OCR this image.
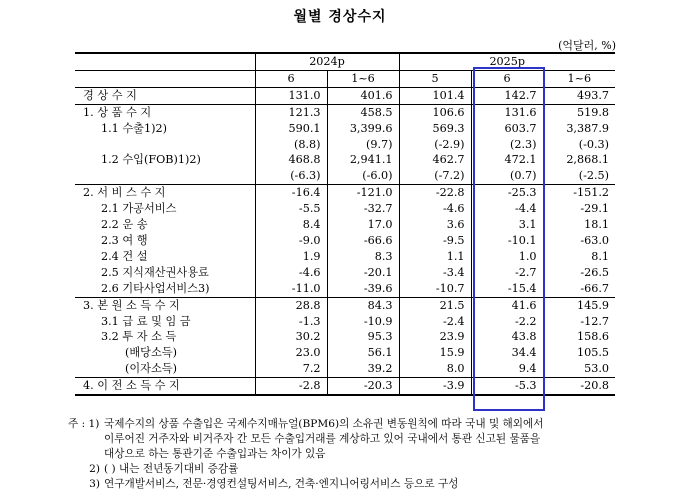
월별 경상수지
(억달러, %)
	2024p		2025p		
	6	1~6	5	6	1~6
경 상 수 지	131.0	401.6	101.4	142.7	493.7
1. 상 품 수 지	121.3	458.5	106.6	131.6	519.8
1.1 수출1)2)	590.1	3,399.6	569.3	603.7	3,387.9
	(8.8)	(9.7)	(-2.9)	(2.3)	(-0.3)
1.2 수입(FOB)1)2)	468.8	2,941.1	462.7	472.1	2,868.1
	(-6.3)	(-6.0)	(-7.2)	(0.7)	(-2.5)
2. 서 비 스 수 지	-16.4	-121.0	-22.8	-25.3	-151.2
2.1 가공서비스	-5.5	-32.7	-4.6	-4.4	-29.1
2.2 운 송	8.4	17.0	3.6	3.1	18.1
2.3 여 행	-9.0	-66.6	-9.5	-10.1	-63.0
2.4 건 설	1.9	8.3	1.1	1.0	8.1
2.5 지식재산권사용료	-4.6	-20.1	-3.4	-2.7	-26.5
2.6 기타사업서비스3)	-11.0	-39.6	-10.7	-15.4	-66.7
3. 본 원 소 득 수 지	28.8	84.3	21.5	41.6	145.9
3.1 급 료 및 임 금	-1.3	-10.9	-2.4	-2.2	-12.7
3.2 투 자 소 득	30.2	95.3	23.9	43.8	158.6
(배당소득)	23.0	56.1	15.9	34.4	105.5
(이자소득)	7.2	39.2	8.0	9.4	53.0
4. 이 전 소 득 수 지	-2.8	-20.3	-3.9	-5.3	-20.8
주 : 1) 국제수지의 상품 수출입은 국제수지매뉴얼(BPM6)의 소유권 변동원칙에 따라 국내 및 해외에서
이루어진 거주자와 비거주자 간 모든 수출입거래를 계상하고 있어 국내에서 통관 신고된 물품을
대상으로 하는 통관기준 수출입과는 차이가 있음
2) ( ) 내는 전년동기대비 증감률
3) 연구개발서비스, 전문·경영컨설팅서비스, 건축·엔지니어링서비스 등으로 구성
